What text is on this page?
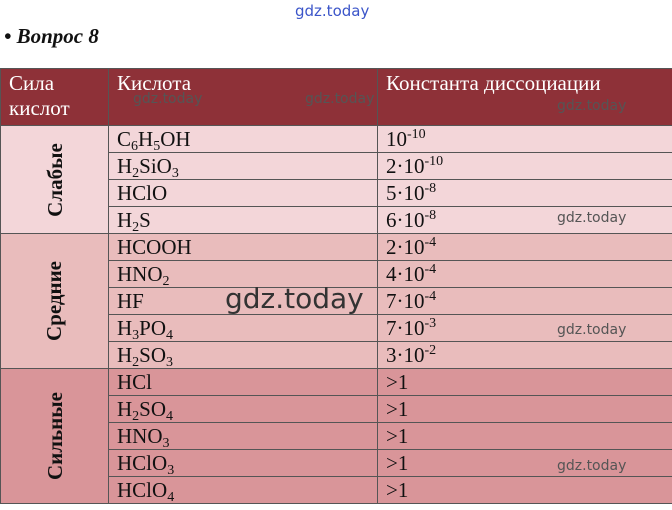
gdz.today
• Вопрос 8
Сила кислот	Кислота	Константа диссоциации
Слабые	$C_6H_5OH$	$10^{-10}$
	$H_2SiO_3$	$2\cdot 10^{-10}$
	HClO	$5\cdot 10^{-8}$
	$H_2S$	$6\cdot 10^{-8}$
Средние	HCOOH	$2\cdot 10^{-4}$
	$HNO_2$	$4\cdot 10^{-4}$
	HF	$7\cdot 10^{-4}$
	$H_3PO_4$	$7\cdot 10^{-3}$
	$H_2SO_3$	$3\cdot 10^{-2}$
Сильные	HCl	>1
	$H_2SO_4$	>1
	$HNO_3$	>1
	HClO$_3$	>1
	HClO$_4$	>1
gdz.today	gdz.today	gdz.today
gdz.today
gdz.today
gdz.today
gdz.today
